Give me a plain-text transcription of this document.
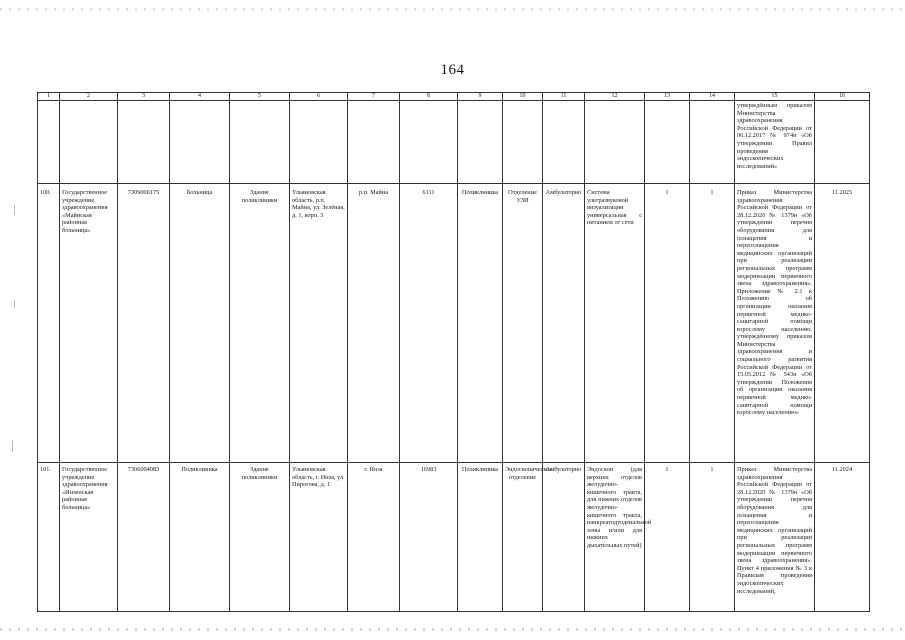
164
1	2	3	4	5	6	7	8	9	10	11	12	13	14	15	16
														утверждённым приказом Министерства здравоохранения Российской Федерации от 06.12.2017 № 974н «Об утверждении Правил проведения эндоскопических исследований»	
100.	Государственное учреждение здравоохранения «Майнская районная больница»	7309000175	Больница	Здание поликлиники	Ульяновская область, р.п. Майна, ул. Зелёная, д. 1, корп. 3	р.п. Майна	6111	Поликлиника	Отделение УЗИ	Амбулаторно	Система ультразвуковой визуализации универсальная с питанием от сети	1	1	Приказ Министерства здравоохранения Российской Федерации от 28.12.2020 № 1379н «Об утверждении перечня оборудования для оснащения и переоснащения медицинских организаций при реализации региональных программ модернизации первичного звена здравоохранения». Приложение № 2.1 к Положению об организации оказания первичной медико-санитарной помощи взрослому населению, утверждённому приказом Министерства здравоохранения и социального развития Российской Федерации от 15.05.2012 № 543н «Об утверждении Положения об организации оказания первичной медико-санитарной помощи взрослому населению»	11.2025
101.	Государственное учреждение здравоохранения «Инзенская районная больница»	7306004083	Поликлиника	Здание поликлиники	Ульяновская область, г. Инза, ул. Пирогова, д. 1	г. Инза	16983	Поликлиника	Эндоскопическое отделение	Амбулаторно	Эндоскоп (для верхних отделов желудочно-кишечного тракта, для нижних отделов желудочно-кишечного тракта, панкреатодуоденальной зоны и/или для нижних дыхательных путей)	1	1	Приказ Министерства здравоохранения Российской Федерации от 28.12.2020 № 1379н «Об утверждении перечня оборудования для оснащения и переоснащения медицинских организаций при реализации региональных программ модернизации первичного звена здравоохранения». Пункт 4 приложения № 3 к Правилам проведения эндоскопических исследований,	11.2024
